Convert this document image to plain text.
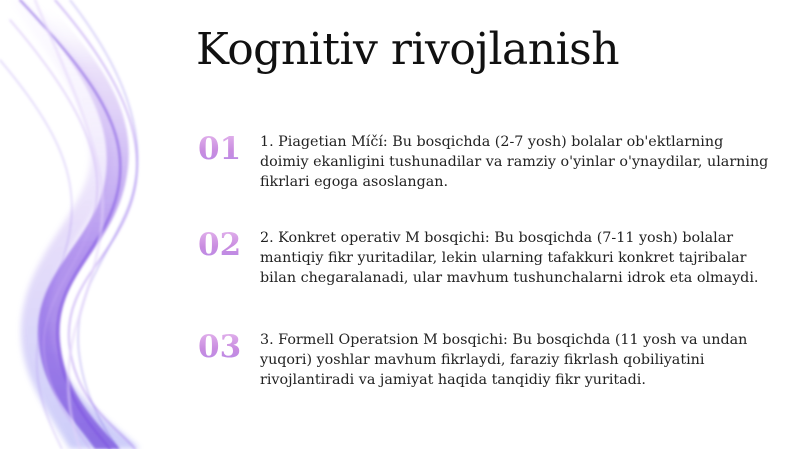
Kognitiv rivojlanish
01 1. Piagetian Míčí: Bu bosqichda (2-7 yosh) bolalar ob'ektlarning doimiy ekanligini tushunadilar va ramziy o'yinlar o'ynaydilar, ularning fikrlari egoga asoslangan.

02 2. Konkret operativ M bosqichi: Bu bosqichda (7-11 yosh) bolalar mantiqiy fikr yuritadilar, lekin ularning tafakkuri konkret tajribalar bilan chegaralanadi, ular mavhum tushunchalarni idrok eta olmaydi.

03 3. Formell Operatsion M bosqichi: Bu bosqichda (11 yosh va undan yuqori) yoshlar mavhum fikrlaydi, faraziy fikrlash qobiliyatini rivojlantiradi va jamiyat haqida tanqidiy fikr yuritadi.
